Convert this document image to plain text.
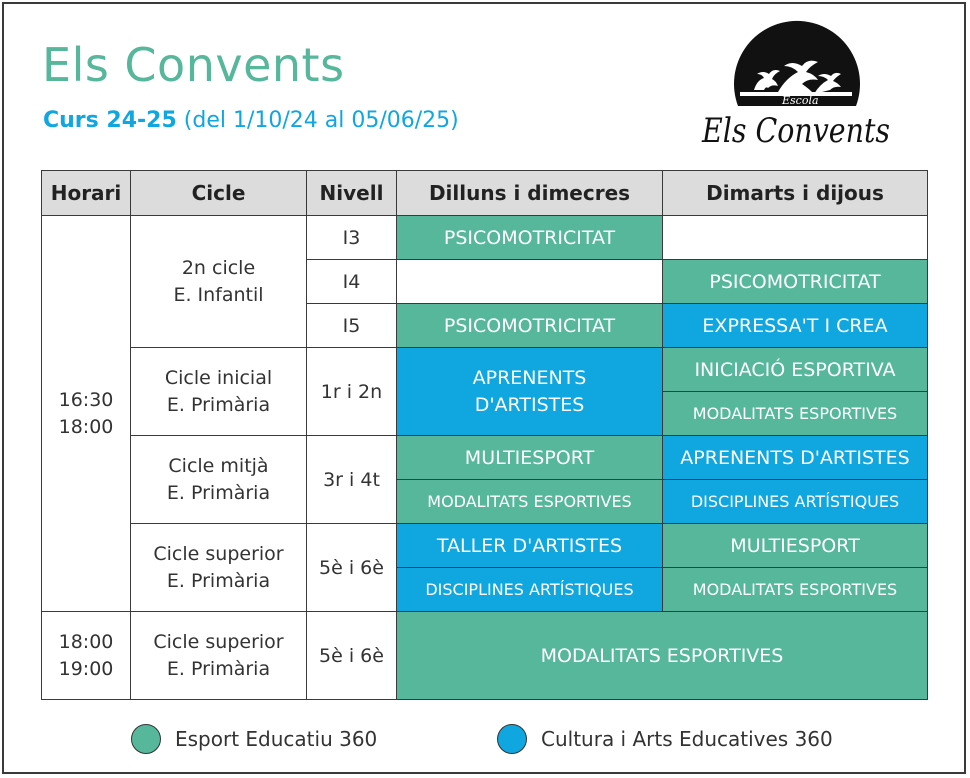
Els Convents
Curs 24-25 (del 1/10/24 al 05/06/25)
Escola
Els Convents
Horari	Cicle	Nivell	Dilluns i dimecres	Dimarts i dijous

16:30
18:00	2n cicle
E. Infantil	I3	PSICOMOTRICITAT	
		I4		PSICOMOTRICITAT
		I5	PSICOMOTRICITAT	EXPRESSA'T I CREA

	Cicle inicial
E. Primària	1r i 2n	APRENENTS
D'ARTISTES	INICIACIÓ ESPORTIVA
				MODALITATS ESPORTIVES

	Cicle mitjà
E. Primària	3r i 4t	MULTIESPORT	APRENENTS D'ARTISTES
			MODALITATS ESPORTIVES	DISCIPLINES ARTÍSTIQUES

	Cicle superior
E. Primària	5è i 6è	TALLER D'ARTISTES	MULTIESPORT
			DISCIPLINES ARTÍSTIQUES	MODALITATS ESPORTIVES

18:00
19:00	Cicle superior
E. Primària	5è i 6è	MODALITATS ESPORTIVES	
Esport Educatiu 360	Cultura i Arts Educatives 360
